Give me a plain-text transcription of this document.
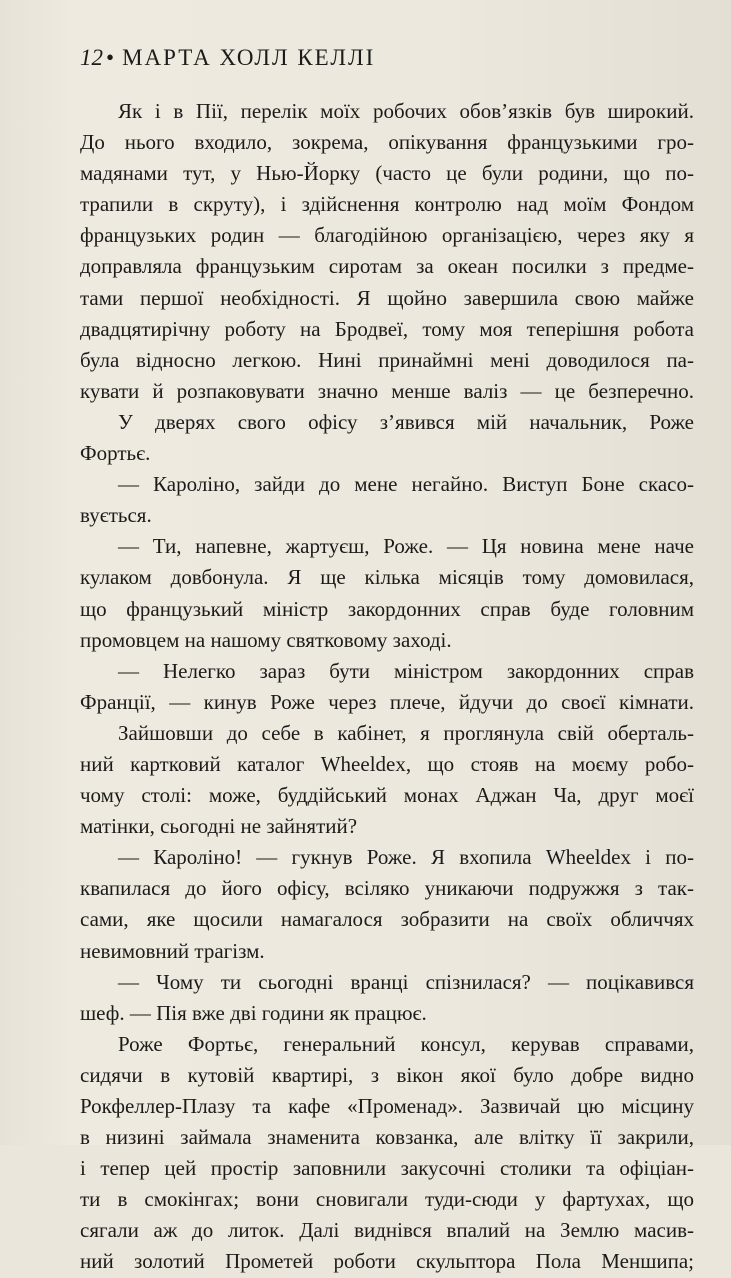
12 • МАРТА ХОЛЛ КЕЛЛІ
Як і в Пії, перелік моїх робочих обов’язків був широкий.
До нього входило, зокрема, опікування французькими гро-
мадянами тут, у Нью-Йорку (часто це були родини, що по-
трапили в скруту), і здійснення контролю над моїм Фондом
французьких родин — благодійною організацією, через яку я
доправляла французьким сиротам за океан посилки з предме-
тами першої необхідності. Я щойно завершила свою майже
двадцятирічну роботу на Бродвеї, тому моя теперішня робота
була відносно легкою. Нині принаймні мені доводилося па-
кувати й розпаковувати значно менше валіз — це безперечно.
У дверях свого офісу з’явився мій начальник, Роже
Фортьє.
— Кароліно, зайди до мене негайно. Виступ Боне скасо-
вується.
— Ти, напевне, жартуєш, Роже. — Ця новина мене наче
кулаком довбонула. Я ще кілька місяців тому домовилася,
що французький міністр закордонних справ буде головним
промовцем на нашому святковому заході.
— Нелегко зараз бути міністром закордонних справ
Франції, — кинув Роже через плече, йдучи до своєї кімнати.
Зайшовши до себе в кабінет, я проглянула свій оберталь-
ний картковий каталог Wheeldex, що стояв на моєму робо-
чому столі: може, буддійський монах Аджан Ча, друг моєї
матінки, сьогодні не зайнятий?
— Кароліно! — гукнув Роже. Я вхопила Wheeldex і по-
квапилася до його офісу, всіляко уникаючи подружжя з так-
сами, яке щосили намагалося зобразити на своїх обличчях
невимовний трагізм.
— Чому ти сьогодні вранці спізнилася? — поцікавився
шеф. — Пія вже дві години як працює.
Роже Фортьє, генеральний консул, керував справами,
сидячи в кутовій квартирі, з вікон якої було добре видно
Рокфеллер-Плазу та кафе «Променад». Зазвичай цю місцину
в низині займала знаменита ковзанка, але влітку її закрили,
і тепер цей простір заповнили закусочні столики та офіціан-
ти в смокінгах; вони сновигали туди-сюди у фартухах, що
сягали аж до литок. Далі виднівся впалий на Землю масив-
ний золотий Прометей роботи скульптора Пола Меншипа;
